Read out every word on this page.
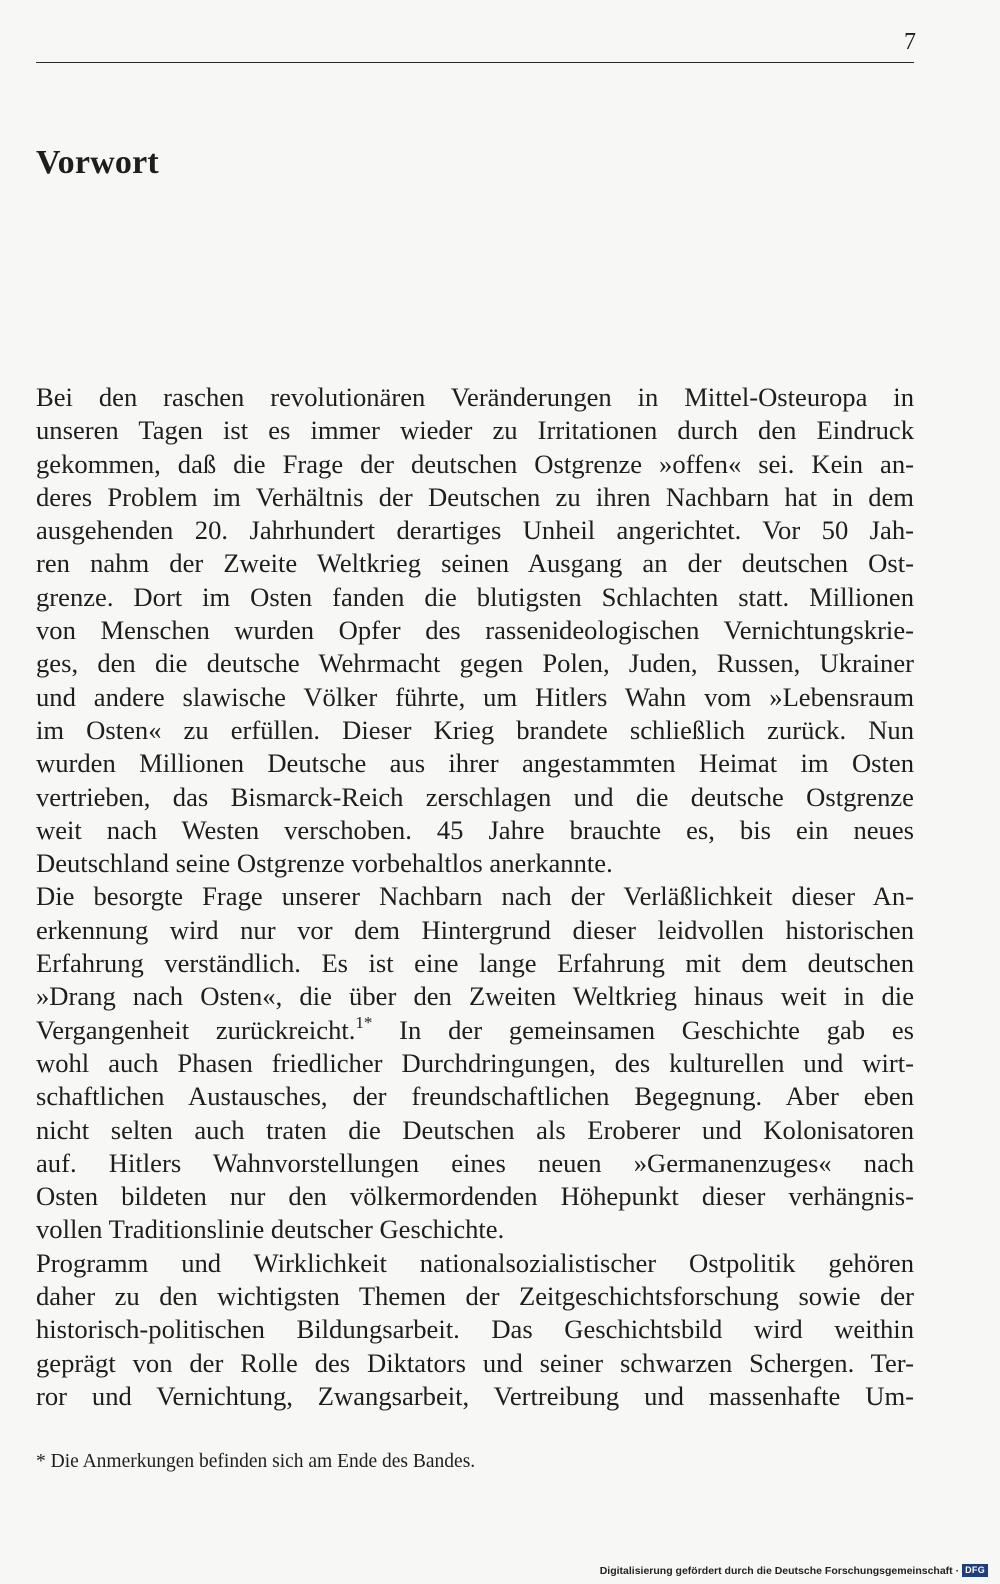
7
Vorwort

Bei den raschen revolutionären Veränderungen in Mittel-Osteuropa in
unseren Tagen ist es immer wieder zu Irritationen durch den Eindruck
gekommen, daß die Frage der deutschen Ostgrenze »offen« sei. Kein an-
deres Problem im Verhältnis der Deutschen zu ihren Nachbarn hat in dem
ausgehenden 20. Jahrhundert derartiges Unheil angerichtet. Vor 50 Jah-
ren nahm der Zweite Weltkrieg seinen Ausgang an der deutschen Ost-
grenze. Dort im Osten fanden die blutigsten Schlachten statt. Millionen
von Menschen wurden Opfer des rassenideologischen Vernichtungskrie-
ges, den die deutsche Wehrmacht gegen Polen, Juden, Russen, Ukrainer
und andere slawische Völker führte, um Hitlers Wahn vom »Lebensraum
im Osten« zu erfüllen. Dieser Krieg brandete schließlich zurück. Nun
wurden Millionen Deutsche aus ihrer angestammten Heimat im Osten
vertrieben, das Bismarck-Reich zerschlagen und die deutsche Ostgrenze
weit nach Westen verschoben. 45 Jahre brauchte es, bis ein neues
Deutschland seine Ostgrenze vorbehaltlos anerkannte.

Die besorgte Frage unserer Nachbarn nach der Verläßlichkeit dieser An-
erkennung wird nur vor dem Hintergrund dieser leidvollen historischen
Erfahrung verständlich. Es ist eine lange Erfahrung mit dem deutschen
»Drang nach Osten«, die über den Zweiten Weltkrieg hinaus weit in die
Vergangenheit zurückreicht.$^{1*}$ In der gemeinsamen Geschichte gab es
wohl auch Phasen friedlicher Durchdringungen, des kulturellen und wirt-
schaftlichen Austausches, der freundschaftlichen Begegnung. Aber eben
nicht selten auch traten die Deutschen als Eroberer und Kolonisatoren
auf. Hitlers Wahnvorstellungen eines neuen »Germanenzuges« nach
Osten bildeten nur den völkermordenden Höhepunkt dieser verhängnis-
vollen Traditionslinie deutscher Geschichte.

Programm und Wirklichkeit nationalsozialistischer Ostpolitik gehören
daher zu den wichtigsten Themen der Zeitgeschichtsforschung sowie der
historisch-politischen Bildungsarbeit. Das Geschichtsbild wird weithin
geprägt von der Rolle des Diktators und seiner schwarzen Schergen. Ter-
ror und Vernichtung, Zwangsarbeit, Vertreibung und massenhafte Um-

* Die Anmerkungen befinden sich am Ende des Bandes.

Digitalisierung gefördert durch die Deutsche Forschungsgemeinschaft · DFG
